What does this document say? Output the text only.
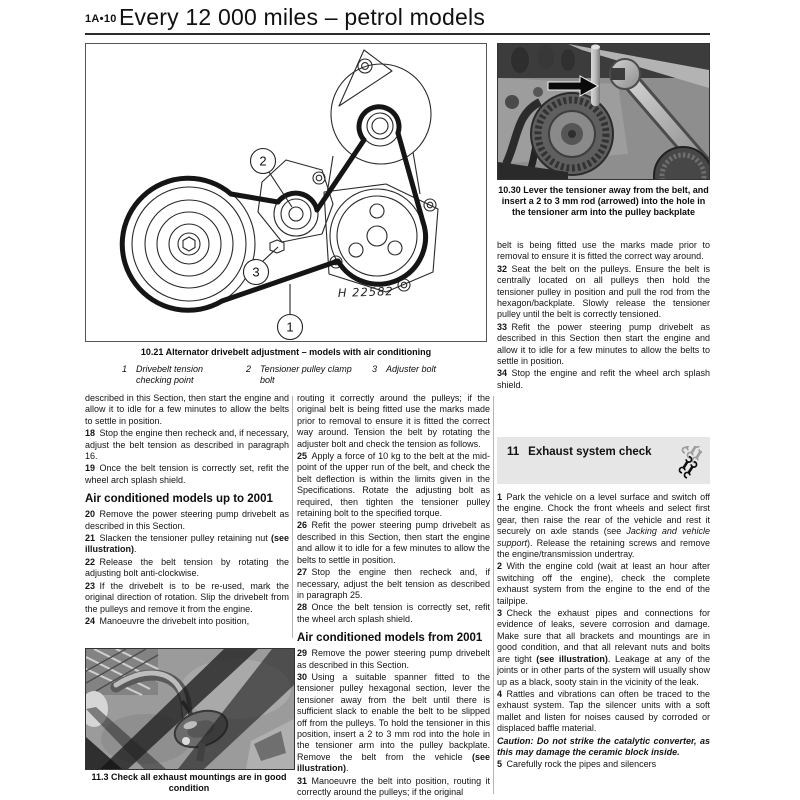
1A•10 Every 12 000 miles – petrol models
2
3
1
H 22582
10.21 Alternator drivebelt adjustment – models with air conditioning
1 Drivebelt tension checking point
2 Tensioner pulley clamp bolt
3 Adjuster bolt
10.30 Lever the tensioner away from the belt, and insert a 2 to 3 mm rod (arrowed) into the hole in the tensioner arm into the pulley backplate

described in this Section, then start the engine and allow it to idle for a few minutes to allow the belts to settle in position.

18 Stop the engine then recheck and, if necessary, adjust the belt tension as described in paragraph 16.

19 Once the belt tension is correctly set, refit the wheel arch splash shield.

Air conditioned models up to 2001

20 Remove the power steering pump drivebelt as described in this Section.

21 Slacken the tensioner pulley retaining nut (see illustration).

22 Release the belt tension by rotating the adjusting bolt anti-clockwise.

23 If the drivebelt is to be re-used, mark the original direction of rotation. Slip the drivebelt from the pulleys and remove it from the engine.

24 Manoeuvre the drivebelt into position,

routing it correctly around the pulleys; if the original belt is being fitted use the marks made prior to removal to ensure it is fitted the correct way around. Tension the belt by rotating the adjuster bolt and check the tension as follows.

25 Apply a force of 10 kg to the belt at the mid-point of the upper run of the belt, and check the belt deflection is within the limits given in the Specifications. Rotate the adjusting bolt as required, then tighten the tensioner pulley retaining bolt to the specified torque.

26 Refit the power steering pump drivebelt as described in this Section, then start the engine and allow it to idle for a few minutes to allow the belts to settle in position.

27 Stop the engine then recheck and, if necessary, adjust the belt tension as described in paragraph 25.

28 Once the belt tension is correctly set, refit the wheel arch splash shield.

Air conditioned models from 2001

29 Remove the power steering pump drivebelt as described in this Section.

30 Using a suitable spanner fitted to the tensioner pulley hexagonal section, lever the tensioner away from the belt until there is sufficient slack to enable the belt to be slipped off from the pulleys. To hold the tensioner in this position, insert a 2 to 3 mm rod into the hole in the tensioner arm into the pulley backplate. Remove the belt from the vehicle (see illustration).

31 Manoeuvre the belt into position, routing it correctly around the pulleys; if the original

belt is being fitted use the marks made prior to removal to ensure it is fitted the correct way around.

32 Seat the belt on the pulleys. Ensure the belt is centrally located on all pulleys then hold the tensioner pulley in position and pull the rod from the hexagon/backplate. Slowly release the tensioner pulley until the belt is correctly tensioned.

33 Refit the power steering pump drivebelt as described in this Section then start the engine and allow it to idle for a few minutes to allow the belts to settle in position.

34 Stop the engine and refit the wheel arch splash shield.

11 Exhaust system check

1 Park the vehicle on a level surface and switch off the engine. Chock the front wheels and select first gear, then raise the rear of the vehicle and rest it securely on axle stands (see Jacking and vehicle support). Release the retaining screws and remove the engine/transmission undertray.

2 With the engine cold (wait at least an hour after switching off the engine), check the complete exhaust system from the engine to the end of the tailpipe.

3 Check the exhaust pipes and connections for evidence of leaks, severe corrosion and damage. Make sure that all brackets and mountings are in good condition, and that all relevant nuts and bolts are tight (see illustration). Leakage at any of the joints or in other parts of the system will usually show up as a black, sooty stain in the vicinity of the leak.

4 Rattles and vibrations can often be traced to the exhaust system. Tap the silencer units with a soft mallet and listen for noises caused by corroded or displaced baffle material.

Caution: Do not strike the catalytic converter, as this may damage the ceramic block inside.

5 Carefully rock the pipes and silencers

11.3 Check all exhaust mountings are in good condition
